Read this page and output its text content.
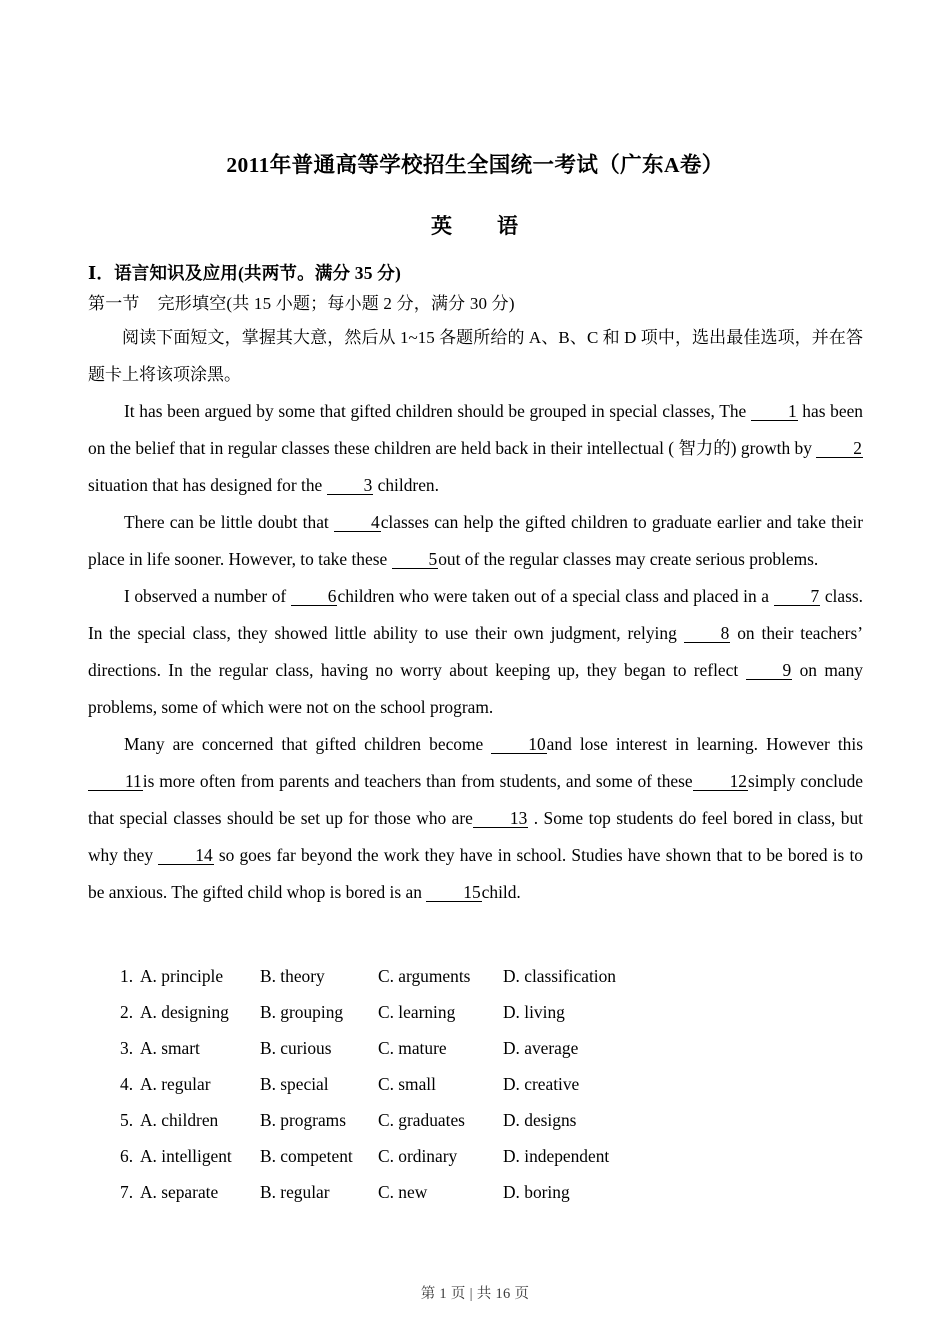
2011年普通高等学校招生全国统一考试（广东A卷）
英　　语

Ⅰ．语言知识及应用(共两节。满分 35 分)

第一节 完形填空(共 15 小题；每小题 2 分，满分 30 分)

阅读下面短文，掌握其大意，然后从 1~15 各题所给的 A、B、C 和 D 项中，选出最佳选项，并在答题卡上将该项涂黑。

It has been argued by some that gifted children should be grouped in special classes, The 1 has been on the belief that in regular classes these children are held back in their intellectual ( 智力的) growth by 2 situation that has designed for the 3 children.

There can be little doubt that 4classes can help the gifted children to graduate earlier and take their place in life sooner. However, to take these 5out of the regular classes may create serious problems.

I observed a number of 6children who were taken out of a special class and placed in a 7 class. In the special class, they showed little ability to use their own judgment, relying 8 on their teachers’ directions. In the regular class, having no worry about keeping up, they began to reflect 9 on many problems, some of which were not on the school program.

Many are concerned that gifted children become 10and lose interest in learning. However this 11is more often from parents and teachers than from students, and some of these 12simply conclude that special classes should be set up for those who are 13 . Some top students do feel bored in class, but why they 14 so goes far beyond the work they have in school. Studies have shown that to be bored is to be anxious. The gifted child whop is bored is an 15child.

1. A. principle B. theory	C. arguments D. classification
2. A. designing B. grouping C. learning	D. living
3. A. smart	B. curious	C. mature	D. average
4. A. regular	B. special	C. small	D. creative
5. A. children B. programs C. graduates D. designs
6. A. intelligent B. competent C. ordinary	D. independent
7. A. separate B. regular	C. new	D. boring
第 1 页 | 共 16 页
